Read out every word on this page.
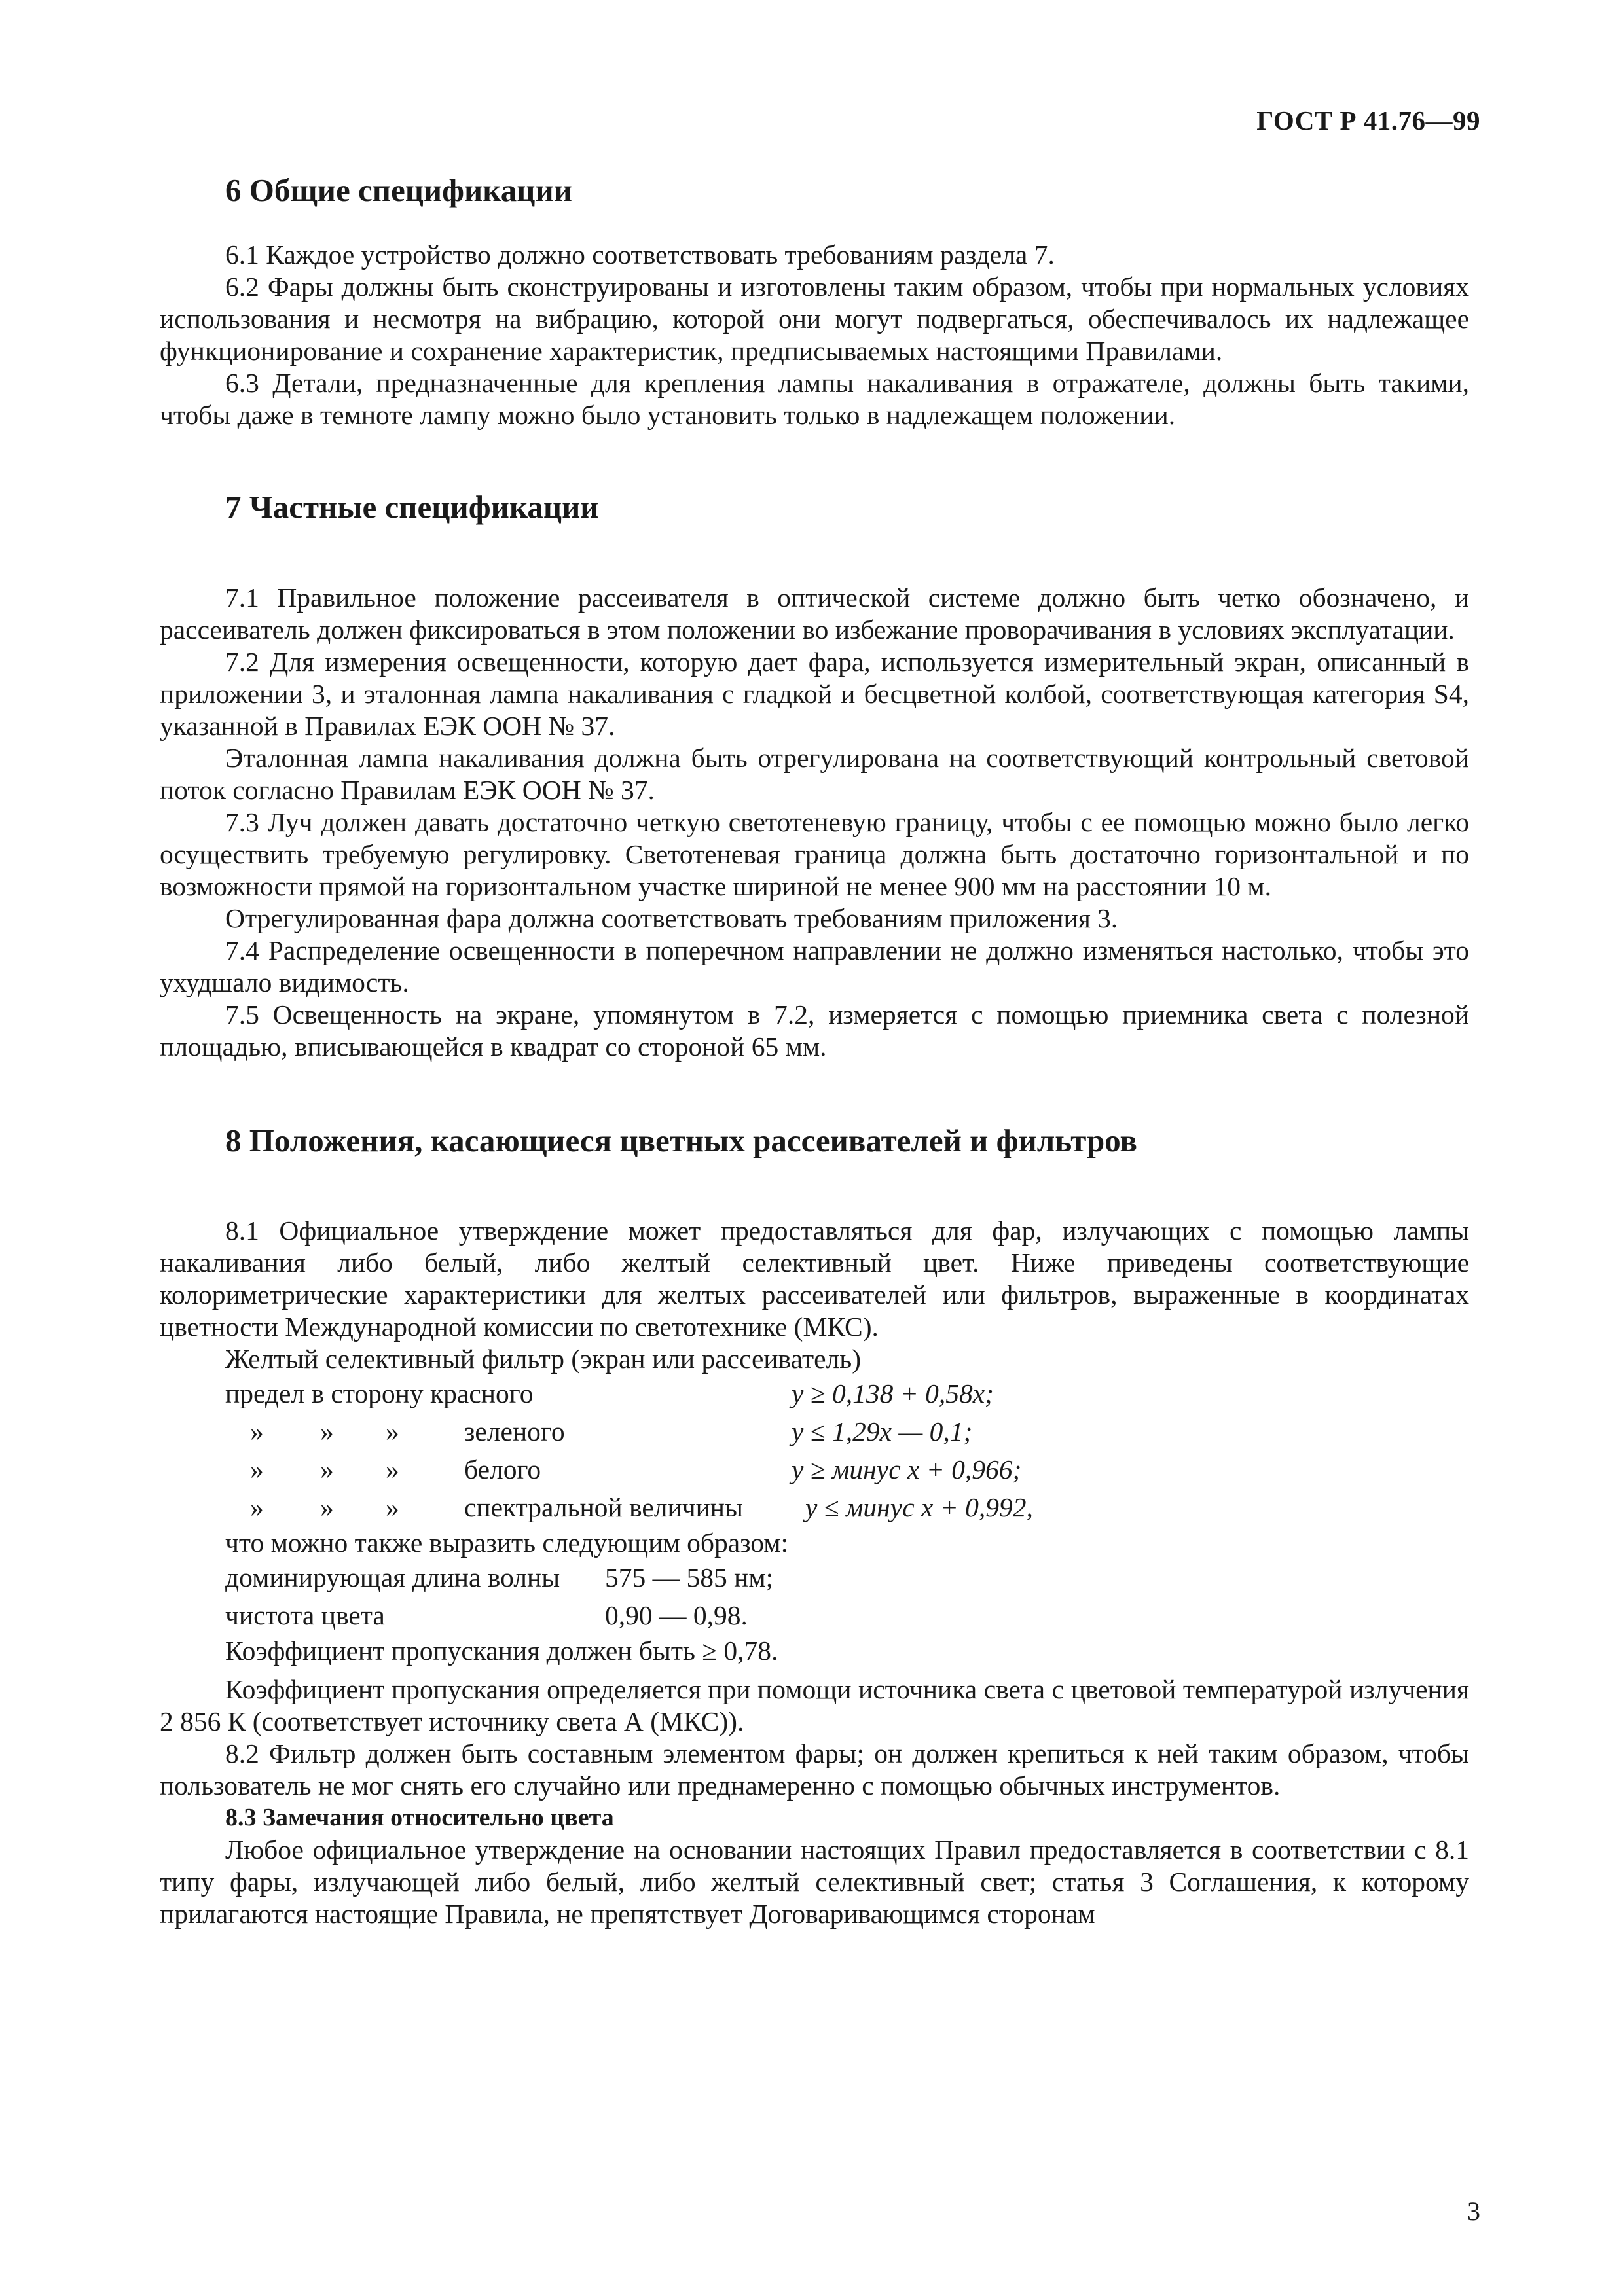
ГОСТ Р 41.76—99
6 Общие спецификации

6.1 Каждое устройство должно соответствовать требованиям раздела 7.

6.2 Фары должны быть сконструированы и изготовлены таким образом, чтобы при нормальных условиях использования и несмотря на вибрацию, которой они могут подвергаться, обеспечивалось их надлежащее функционирование и сохранение характеристик, предписываемых настоящими Правилами.

6.3 Детали, предназначенные для крепления лампы накаливания в отражателе, должны быть такими, чтобы даже в темноте лампу можно было установить только в надлежащем положении.

7 Частные спецификации

7.1 Правильное положение рассеивателя в оптической системе должно быть четко обозначено, и рассеиватель должен фиксироваться в этом положении во избежание проворачивания в условиях эксплуатации.

7.2 Для измерения освещенности, которую дает фара, используется измерительный экран, описанный в приложении 3, и эталонная лампа накаливания с гладкой и бесцветной колбой, соответствующая категория S4, указанной в Правилах ЕЭК ООН № 37.

Эталонная лампа накаливания должна быть отрегулирована на соответствующий контрольный световой поток согласно Правилам ЕЭК ООН № 37.

7.3 Луч должен давать достаточно четкую светотеневую границу, чтобы с ее помощью можно было легко осуществить требуемую регулировку. Светотеневая граница должна быть достаточно горизонтальной и по возможности прямой на горизонтальном участке шириной не менее 900 мм на расстоянии 10 м.

Отрегулированная фара должна соответствовать требованиям приложения 3.

7.4 Распределение освещенности в поперечном направлении не должно изменяться настолько, чтобы это ухудшало видимость.

7.5 Освещенность на экране, упомянутом в 7.2, измеряется с помощью приемника света с полезной площадью, вписывающейся в квадрат со стороной 65 мм.

8 Положения, касающиеся цветных рассеивателей и фильтров

8.1 Официальное утверждение может предоставляться для фар, излучающих с помощью лампы накаливания либо белый, либо желтый селективный цвет. Ниже приведены соответствующие колориметрические характеристики для желтых рассеивателей или фильтров, выраженные в координатах цветности Международной комиссии по светотехнике (МКС).

Желтый селективный фильтр (экран или рассеиватель)
предел в сторону красного	y ≥ 0,138 + 0,58x;
» » » зеленого	y ≤ 1,29x — 0,1;
» » » белого	y ≥ минус x + 0,966;
» » » спектральной величины y ≤ минус x + 0,992,
что можно также выразить следующим образом:
доминирующая длина волны 575 — 585 нм;
чистота цвета	0,90 — 0,98.
Коэффициент пропускания должен быть ≥ 0,78.

Коэффициент пропускания определяется при помощи источника света с цветовой температурой излучения 2 856 К (соответствует источнику света А (МКС)).

8.2 Фильтр должен быть составным элементом фары; он должен крепиться к ней таким образом, чтобы пользователь не мог снять его случайно или преднамеренно с помощью обычных инструментов.

8.3 Замечания относительно цвета

Любое официальное утверждение на основании настоящих Правил предоставляется в соответствии с 8.1 типу фары, излучающей либо белый, либо желтый селективный свет; статья 3 Соглашения, к которому прилагаются настоящие Правила, не препятствует Договаривающимся сторонам

3
